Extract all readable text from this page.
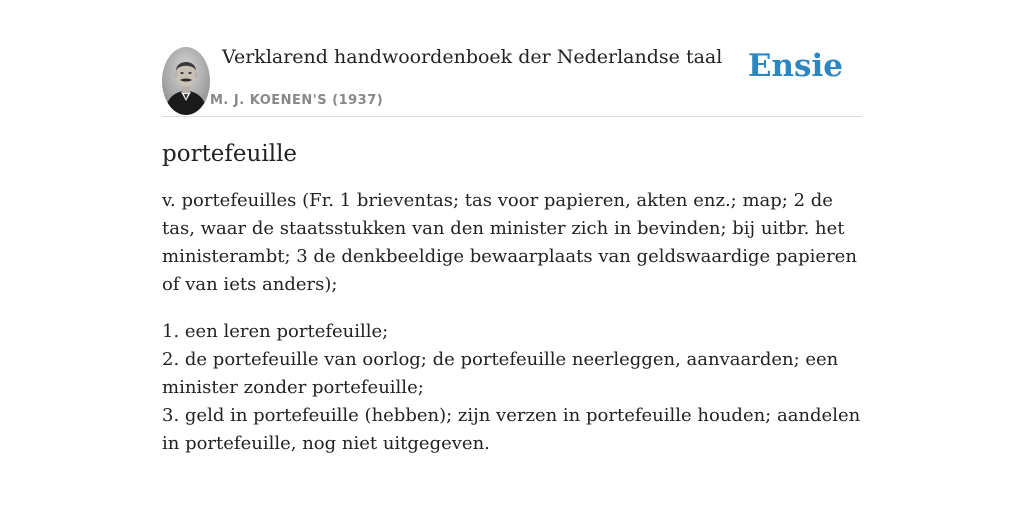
Verklarend handwoordenboek der Nederlandse taal
M. J. KOENEN'S (1937)
Ensie
portefeuille

v. portefeuilles (Fr. 1 brieventas; tas voor papieren, akten enz.; map; 2 de tas, waar de staatsstukken van den minister zich in bevinden; bij uitbr. het ministerambt; 3 de denkbeeldige bewaarplaats van geldswaardige papieren of van iets anders);

1. een leren portefeuille;
2. de portefeuille van oorlog; de portefeuille neerleggen, aanvaarden; een minister zonder portefeuille;
3. geld in portefeuille (hebben); zijn verzen in portefeuille houden; aandelen in portefeuille, nog niet uitgegeven.
